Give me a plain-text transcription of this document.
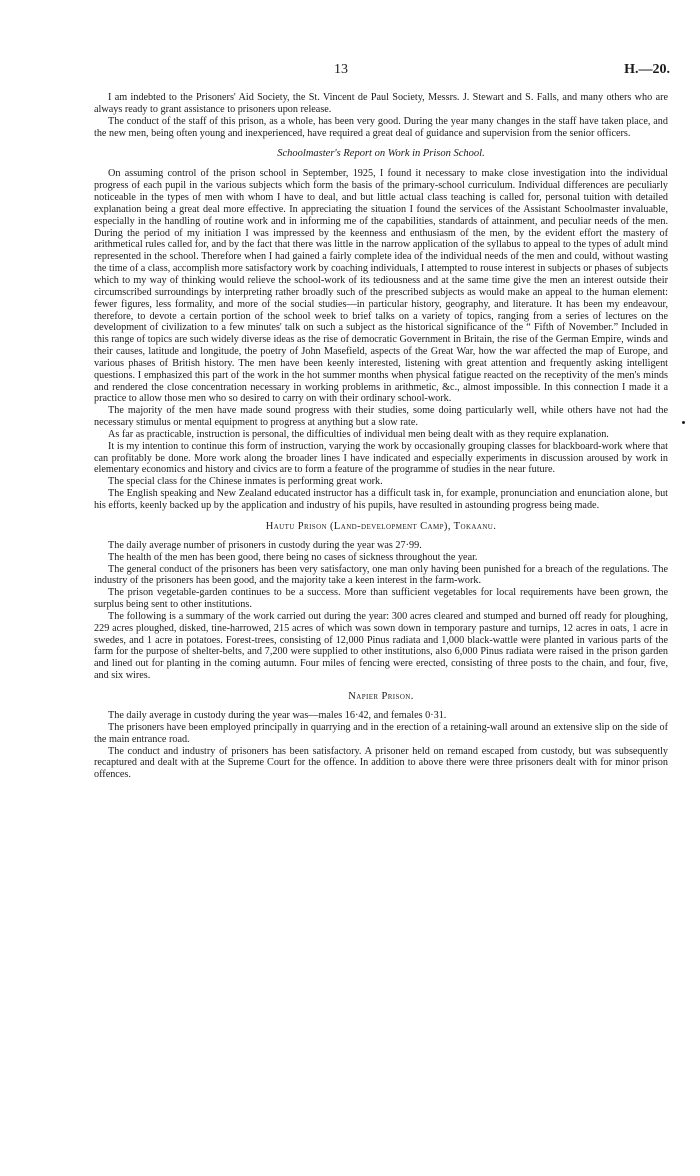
13	H.—20.

I am indebted to the Prisoners' Aid Society, the St. Vincent de Paul Society, Messrs. J. Stewart and S. Falls, and many others who are always ready to grant assistance to prisoners upon release.

The conduct of the staff of this prison, as a whole, has been very good. During the year many changes in the staff have taken place, and the new men, being often young and inexperienced, have required a great deal of guidance and supervision from the senior officers.

Schoolmaster's Report on Work in Prison School.

On assuming control of the prison school in September, 1925, I found it necessary to make close investigation into the individual progress of each pupil in the various subjects which form the basis of the primary-school curriculum. Individual differences are peculiarly noticeable in the types of men with whom I have to deal, and but little actual class teaching is called for, personal tuition with detailed explanation being a great deal more effective. In appreciating the situation I found the services of the Assistant Schoolmaster invaluable, especially in the handling of routine work and in informing me of the capabilities, standards of attainment, and peculiar needs of the men. During the period of my initiation I was impressed by the keenness and enthusiasm of the men, by the evident effort the mastery of arithmetical rules called for, and by the fact that there was little in the narrow application of the syllabus to appeal to the types of adult mind represented in the school. Therefore when I had gained a fairly complete idea of the individual needs of the men and could, without wasting the time of a class, accomplish more satisfactory work by coaching individuals, I attempted to rouse interest in subjects or phases of subjects which to my way of thinking would relieve the school-work of its tediousness and at the same time give the men an interest outside their circumscribed surroundings by interpreting rather broadly such of the prescribed subjects as would make an appeal to the human element: fewer figures, less formality, and more of the social studies—in particular history, geography, and literature. It has been my endeavour, therefore, to devote a certain portion of the school week to brief talks on a variety of topics, ranging from a series of lectures on the development of civilization to a few minutes' talk on such a subject as the historical significance of the “ Fifth of November.” Included in this range of topics are such widely diverse ideas as the rise of democratic Government in Britain, the rise of the German Empire, winds and their causes, latitude and longitude, the poetry of John Masefield, aspects of the Great War, how the war affected the map of Europe, and various phases of British history. The men have been keenly interested, listening with great attention and frequently asking intelligent questions. I emphasized this part of the work in the hot summer months when physical fatigue reacted on the receptivity of the men's minds and rendered the close concentration necessary in working problems in arithmetic, &c., almost impossible. In this connection I made it a practice to allow those men who so desired to carry on with their ordinary school-work.

The majority of the men have made sound progress with their studies, some doing particularly well, while others have not had the necessary stimulus or mental equipment to progress at anything but a slow rate.

As far as practicable, instruction is personal, the difficulties of individual men being dealt with as they require explanation.

It is my intention to continue this form of instruction, varying the work by occasionally grouping classes for blackboard-work where that can profitably be done. More work along the broader lines I have indicated and especially experiments in discussion aroused by work in elementary economics and history and civics are to form a feature of the programme of studies in the near future.

The special class for the Chinese inmates is performing great work.

The English speaking and New Zealand educated instructor has a difficult task in, for example, pronunciation and enunciation alone, but his efforts, keenly backed up by the application and industry of his pupils, have resulted in astounding progress being made.

Hautu Prison (Land-development Camp), Tokaanu.

The daily average number of prisoners in custody during the year was 27·99.

The health of the men has been good, there being no cases of sickness throughout the year.

The general conduct of the prisoners has been very satisfactory, one man only having been punished for a breach of the regulations. The industry of the prisoners has been good, and the majority take a keen interest in the farm-work.

The prison vegetable-garden continues to be a success. More than sufficient vegetables for local requirements have been grown, the surplus being sent to other institutions.

The following is a summary of the work carried out during the year: 300 acres cleared and stumped and burned off ready for ploughing, 229 acres ploughed, disked, tine-harrowed, 215 acres of which was sown down in temporary pasture and turnips, 12 acres in oats, 1 acre in swedes, and 1 acre in potatoes. Forest-trees, consisting of 12,000 Pinus radiata and 1,000 black-wattle were planted in various parts of the farm for the purpose of shelter-belts, and 7,200 were supplied to other institutions, also 6,000 Pinus radiata were raised in the prison garden and lined out for planting in the coming autumn. Four miles of fencing were erected, consisting of three posts to the chain, and four, five, and six wires.

Napier Prison.

The daily average in custody during the year was—males 16·42, and females 0·31.

The prisoners have been employed principally in quarrying and in the erection of a retaining-wall around an extensive slip on the side of the main entrance road.

The conduct and industry of prisoners has been satisfactory. A prisoner held on remand escaped from custody, but was subsequently recaptured and dealt with at the Supreme Court for the offence. In addition to above there were three prisoners dealt with for minor prison offences.
